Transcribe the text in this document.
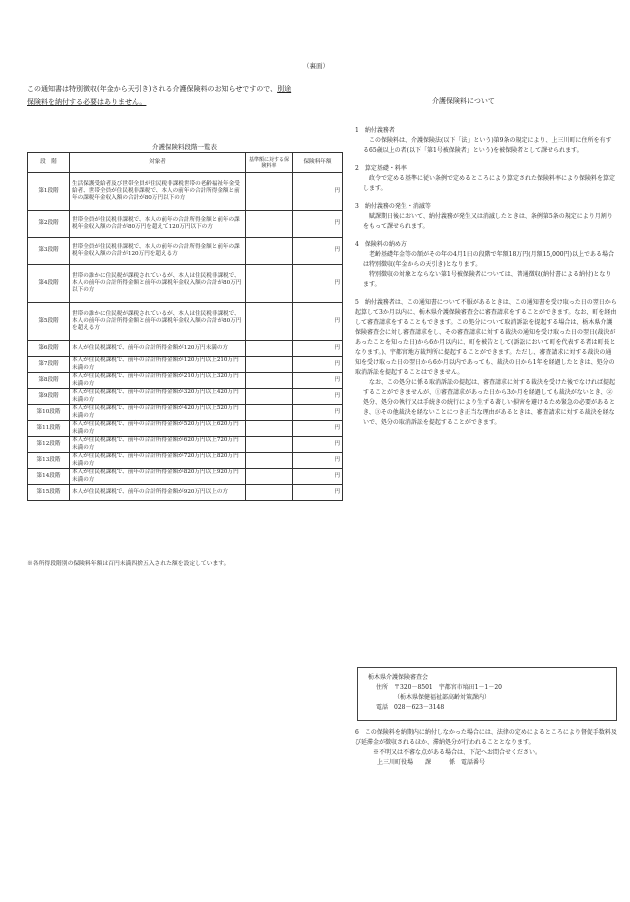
（裏面）
この通知書は特別徴収(年金から天引き)される介護保険料のお知らせですので、別途
保険料を納付する必要はありません。
介護保険料段階一覧表
段　階	対象者	基準額に対する保険料率	保険料年額
第1段階	生活保護受給者及び世帯全員が住民税非課税世帯の老齢福祉年金受給者、世帯全員が住民税非課税で、本人の前年の合計所得金額と前年の課税年金収入額の合計が80万円以下の方		円
第2段階	世帯全員が住民税非課税で、本人の前年の合計所得金額と前年の課税年金収入額の合計が80万円を超えて120万円以下の方		円
第3段階	世帯全員が住民税非課税で、本人の前年の合計所得金額と前年の課税年金収入額の合計が120万円を超える方		円
第4段階	世帯の誰かに住民税が課税されているが、本人は住民税非課税で、本人の前年の合計所得金額と前年の課税年金収入額の合計が80万円以下の方		円
第5段階	世帯の誰かに住民税が課税されているが、本人は住民税非課税で、本人の前年の合計所得金額と前年の課税年金収入額の合計が80万円を超える方		円
第6段階	本人が住民税課税で、前年の合計所得金額が120万円未満の方		円
第7段階	本人が住民税課税で、前年の合計所得金額が120万円以上210万円未満の方		円
第8段階	本人が住民税課税で、前年の合計所得金額が210万円以上320万円未満の方		円
第9段階	本人が住民税課税で、前年の合計所得金額が320万円以上420万円未満の方		円
第10段階	本人が住民税課税で、前年の合計所得金額が420万円以上520万円未満の方		円
第11段階	本人が住民税課税で、前年の合計所得金額が520万円以上620万円未満の方		円
第12段階	本人が住民税課税で、前年の合計所得金額が620万円以上720万円未満の方		円
第13段階	本人が住民税課税で、前年の合計所得金額が720万円以上820万円未満の方		円
第14段階	本人が住民税課税で、前年の合計所得金額が820万円以上920万円未満の方		円
第15段階	本人が住民税課税で、前年の合計所得金額が920万円以上の方		円
※各所得段階別の保険料年額は百円未満四捨五入された額を設定しています。
介護保険料について
1　納付義務者
この保険料は、介護保険法(以下「法」という)第9条の規定により、上三川町に住所を有する65歳以上の者(以下「第1号被保険者」という)を被保険者として課せられます。
2　算定基礎・料率
政令で定める基準に従い条例で定めるところにより算定された保険料率により保険料を算定します。
3　納付義務の発生・消滅等
賦課期日後において、納付義務が発生又は消滅したときは、条例第5条の規定により月割りをもって課せられます。
4　保険料の納め方
老齢基礎年金等の額がその年の4月1日の段階で年額18万円(月額15,000円)以上である場合は特別徴収(年金からの天引き)となります。
特別徴収の対象とならない第1号被保険者については、普通徴収(納付書による納付)となります。
5　納付義務者は、この通知書について不服があるときは、この通知書を受け取った日の翌日から起算して3か月以内に、栃木県介護保険審査会に審査請求をすることができます。なお、町を経由して審査請求をすることもできます。この処分について取消訴訟を提起する場合は、栃木県介護保険審査会に対し審査請求をし、その審査請求に対する裁決の通知を受け取った日の翌日(裁決があったことを知った日)から6か月以内に、町を被告として(訴訟において町を代表する者は町長となります。)、宇都宮地方裁判所に提起することができます。ただし、審査請求に対する裁決の通知を受け取った日の翌日から6か月以内であっても、裁決の日から1年を経過したときは、処分の取消訴訟を提起することはできません。
なお、この処分に係る取消訴訟の提起は、審査請求に対する裁決を受けた後でなければ提起することができませんが、①審査請求があった日から3か月を経過しても裁決がないとき、②処分、処分の執行又は手続きの続行により生ずる著しい損害を避けるため緊急の必要があるとき、③その他裁決を経ないことにつき正当な理由があるときは、審査請求に対する裁決を経ないで、処分の取消訴訟を提起することができます。
栃木県介護保険審査会
住所　〒320－8501　宇都宮市塙田1－1－20
（栃木県保健福祉部高齢対策課内）
電話　028－623－3148
6　この保険料を納期内に納付しなかった場合には、法律の定めによるところにより督促手数料及び延滞金が徴収されるほか、滞納処分が行われることとなります。
※不明又は不審な点がある場合は、下記へお問合せください。
上三川町役場　　課　　　係　電話番号
